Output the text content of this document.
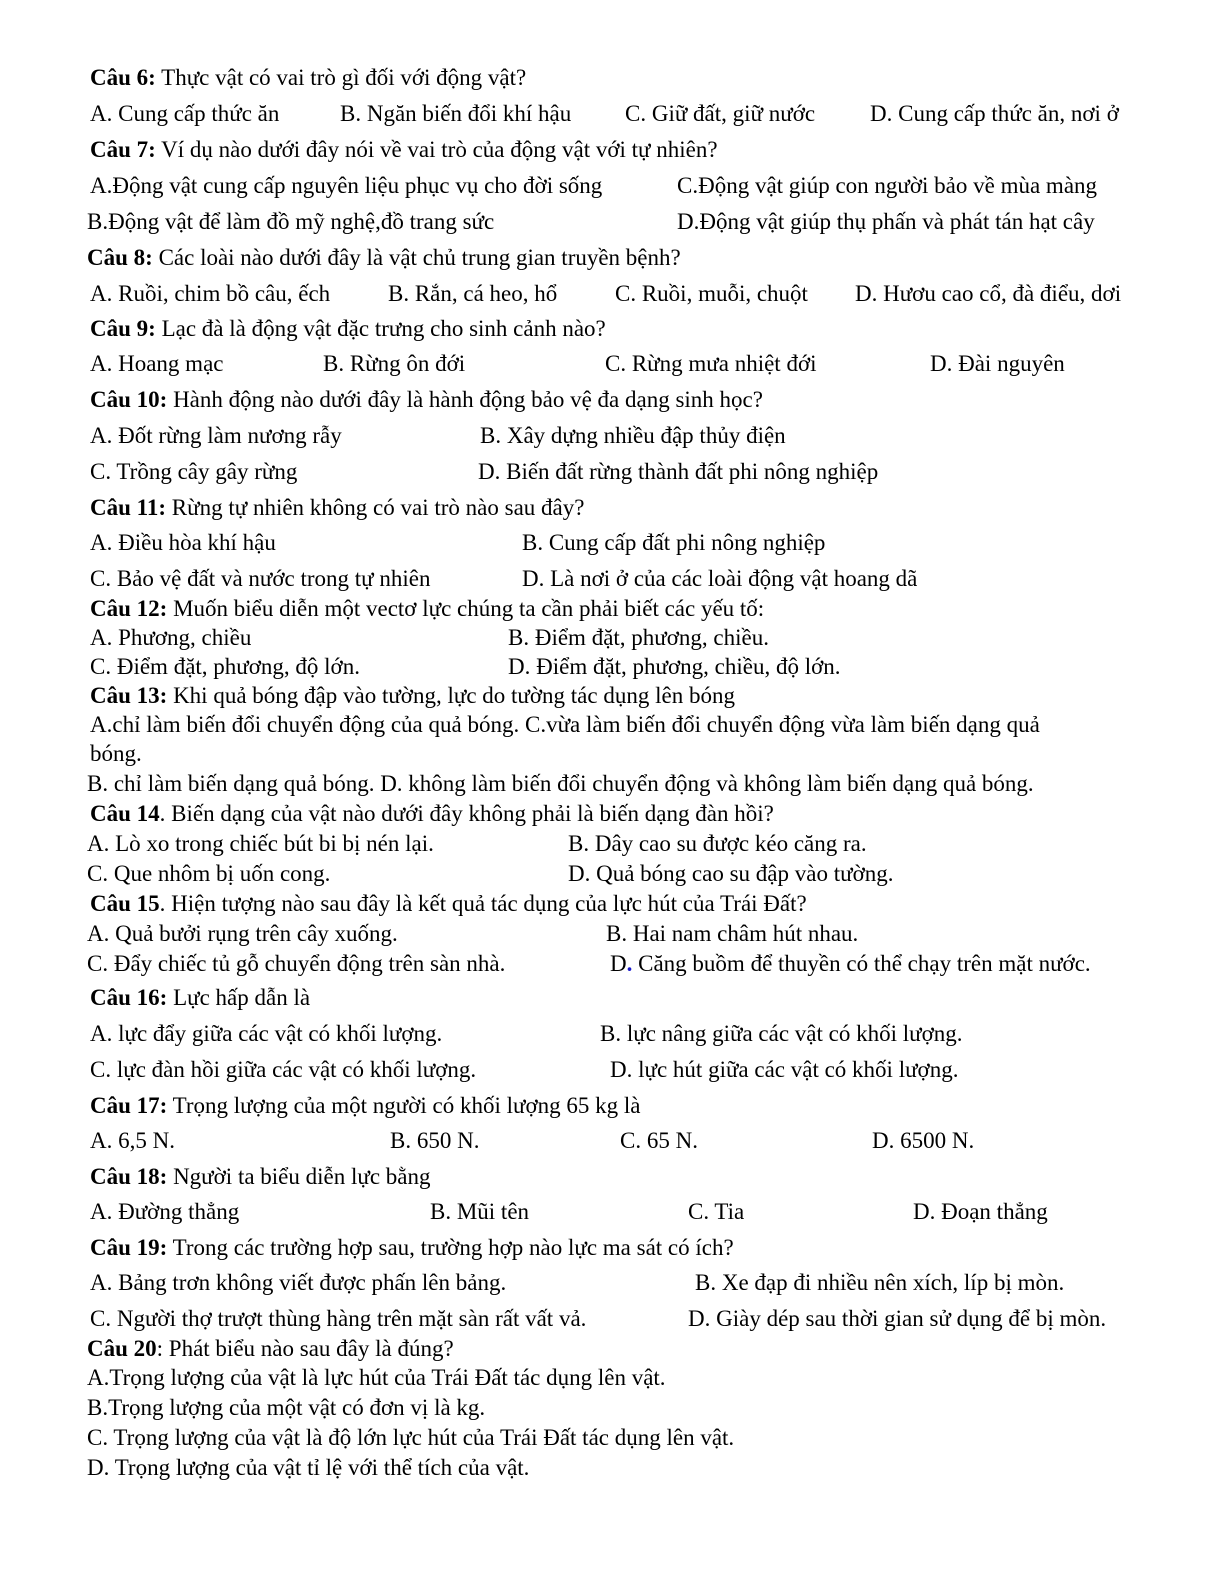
Câu 6: Thực vật có vai trò gì đối với động vật?
A. Cung cấp thức ăn	B. Ngăn biến đổi khí hậu C. Giữ đất, giữ nước D. Cung cấp thức ăn, nơi ở
Câu 7: Ví dụ nào dưới đây nói về vai trò của động vật với tự nhiên?
A.Động vật cung cấp nguyên liệu phục vụ cho đời sống	C.Động vật giúp con người bảo về mùa màng
B.Động vật để làm đồ mỹ nghệ,đồ trang sức	D.Động vật giúp thụ phấn và phát tán hạt cây
Câu 8: Các loài nào dưới đây là vật chủ trung gian truyền bệnh?
A. Ruồi, chim bồ câu, ếch	B. Rắn, cá heo, hổ	C. Ruồi, muỗi, chuột D. Hươu cao cổ, đà điểu, dơi
Câu 9: Lạc đà là động vật đặc trưng cho sinh cảnh nào?
A. Hoang mạc	B. Rừng ôn đới	C. Rừng mưa nhiệt đới	D. Đài nguyên
Câu 10: Hành động nào dưới đây là hành động bảo vệ đa dạng sinh học?
A. Đốt rừng làm nương rẫy	B. Xây dựng nhiều đập thủy điện
C. Trồng cây gây rừng	D. Biến đất rừng thành đất phi nông nghiệp
Câu 11: Rừng tự nhiên không có vai trò nào sau đây?
A. Điều hòa khí hậu	B. Cung cấp đất phi nông nghiệp
C. Bảo vệ đất và nước trong tự nhiên	D. Là nơi ở của các loài động vật hoang dã
Câu 12: Muốn biểu diễn một vectơ lực chúng ta cần phải biết các yếu tố:
A. Phương, chiều	B. Điểm đặt, phương, chiều.
C. Điểm đặt, phương, độ lớn.	D. Điểm đặt, phương, chiều, độ lớn.
Câu 13: Khi quả bóng đập vào tường, lực do tường tác dụng lên bóng
A.chỉ làm biến đổi chuyển động của quả bóng. C.vừa làm biến đổi chuyển động vừa làm biến dạng quả
bóng.
B. chỉ làm biến dạng quả bóng. D. không làm biến đổi chuyển động và không làm biến dạng quả bóng.
Câu 14. Biến dạng của vật nào dưới đây không phải là biến dạng đàn hồi?
A. Lò xo trong chiếc bút bi bị nén lại.	B. Dây cao su được kéo căng ra.
C. Que nhôm bị uốn cong.	D. Quả bóng cao su đập vào tường.
Câu 15. Hiện tượng nào sau đây là kết quả tác dụng của lực hút của Trái Đất?
A. Quả bưởi rụng trên cây xuống.	B. Hai nam châm hút nhau.
C. Đẩy chiếc tủ gỗ chuyển động trên sàn nhà.	D. Căng buồm để thuyền có thể chạy trên mặt nước.
Câu 16: Lực hấp dẫn là
A. lực đẩy giữa các vật có khối lượng.	B. lực nâng giữa các vật có khối lượng.
C. lực đàn hồi giữa các vật có khối lượng.	D. lực hút giữa các vật có khối lượng.
Câu 17: Trọng lượng của một người có khối lượng 65 kg là
A. 6,5 N.	B. 650 N.	C. 65 N.	D. 6500 N.
Câu 18: Người ta biểu diễn lực bằng
A. Đường thẳng	B. Mũi tên	C. Tia	D. Đoạn thẳng
Câu 19: Trong các trường hợp sau, trường hợp nào lực ma sát có ích?
A. Bảng trơn không viết được phấn lên bảng.	B. Xe đạp đi nhiều nên xích, líp bị mòn.
C. Người thợ trượt thùng hàng trên mặt sàn rất vất vả.	D. Giày dép sau thời gian sử dụng để bị mòn.
Câu 20: Phát biểu nào sau đây là đúng?
A.Trọng lượng của vật là lực hút của Trái Đất tác dụng lên vật.
B.Trọng lượng của một vật có đơn vị là kg.
C. Trọng lượng của vật là độ lớn lực hút của Trái Đất tác dụng lên vật.
D. Trọng lượng của vật tỉ lệ với thể tích của vật.
